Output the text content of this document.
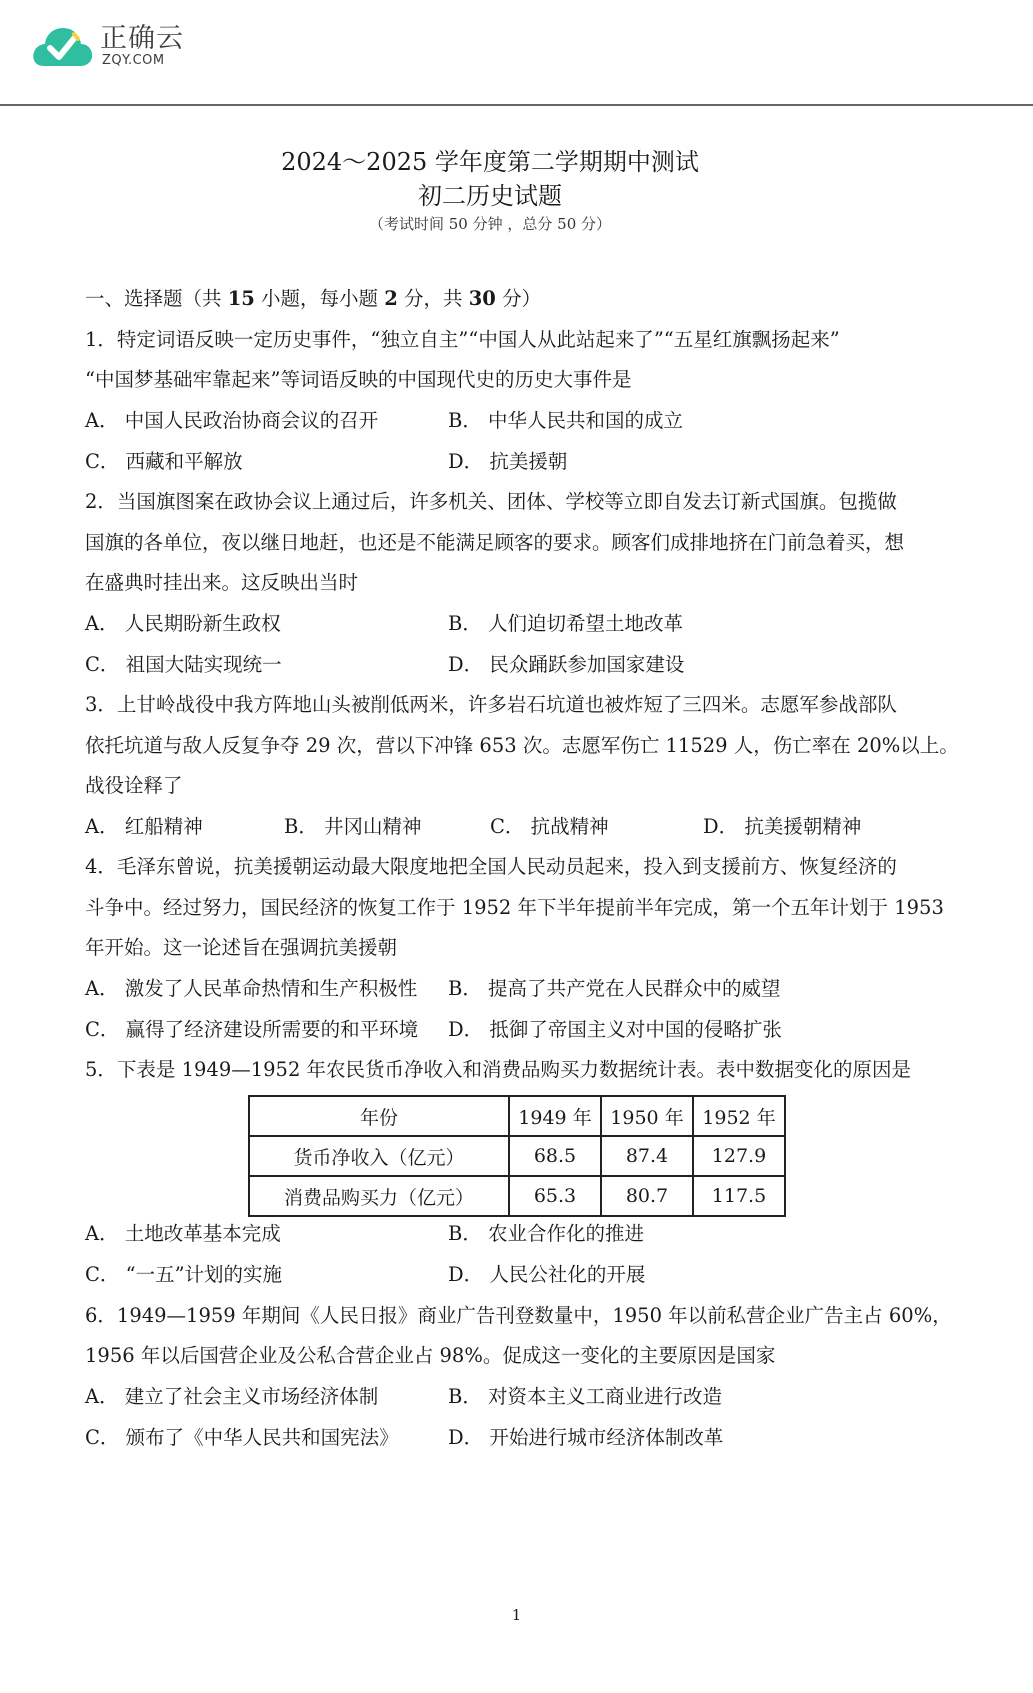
正确云
ZQY.COM
2024～2025 学年度第二学期期中测试
初二历史试题
（考试时间 50 分钟 ，总分 50 分）
一、选择题（共 15 小题，每小题 2 分，共 30 分）
1．特定词语反映一定历史事件，“独立自主”“中国人从此站起来了”“五星红旗飘扬起来”
“中国梦基础牢靠起来”等词语反映的中国现代史的历史大事件是
A． 中国人民政治协商会议的召开	B． 中华人民共和国的成立
C． 西藏和平解放	D． 抗美援朝
2．当国旗图案在政协会议上通过后，许多机关、团体、学校等立即自发去订新式国旗。包揽做
国旗的各单位，夜以继日地赶，也还是不能满足顾客的要求。顾客们成排地挤在门前急着买，想
在盛典时挂出来。这反映出当时
A． 人民期盼新生政权	B． 人们迫切希望土地改革
C． 祖国大陆实现统一	D． 民众踊跃参加国家建设
3．上甘岭战役中我方阵地山头被削低两米，许多岩石坑道也被炸短了三四米。志愿军参战部队
依托坑道与敌人反复争夺 29 次，营以下冲锋 653 次。志愿军伤亡 11529 人，伤亡率在 20%以上。
战役诠释了
A． 红船精神	B． 井冈山精神	C． 抗战精神	D． 抗美援朝精神
4．毛泽东曾说，抗美援朝运动最大限度地把全国人民动员起来，投入到支援前方、恢复经济的
斗争中。经过努力，国民经济的恢复工作于 1952 年下半年提前半年完成，第一个五年计划于 1953
年开始。这一论述旨在强调抗美援朝
A． 激发了人民革命热情和生产积极性 B． 提高了共产党在人民群众中的威望
C． 赢得了经济建设所需要的和平环境 D． 抵御了帝国主义对中国的侵略扩张
5．下表是 1949—1952 年农民货币净收入和消费品购买力数据统计表。表中数据变化的原因是
年份	1949 年	1950 年	1952 年
货币净收入（亿元）	68.5	87.4	127.9
消费品购买力（亿元）	65.3	80.7	117.5
A． 土地改革基本完成	B． 农业合作化的推进
C． “一五”计划的实施	D． 人民公社化的开展
6．1949—1959 年期间《人民日报》商业广告刊登数量中，1950 年以前私营企业广告主占 60%，
1956 年以后国营企业及公私合营企业占 98%。促成这一变化的主要原因是国家
A． 建立了社会主义市场经济体制	B． 对资本主义工商业进行改造
C． 颁布了《中华人民共和国宪法》	D． 开始进行城市经济体制改革
1
